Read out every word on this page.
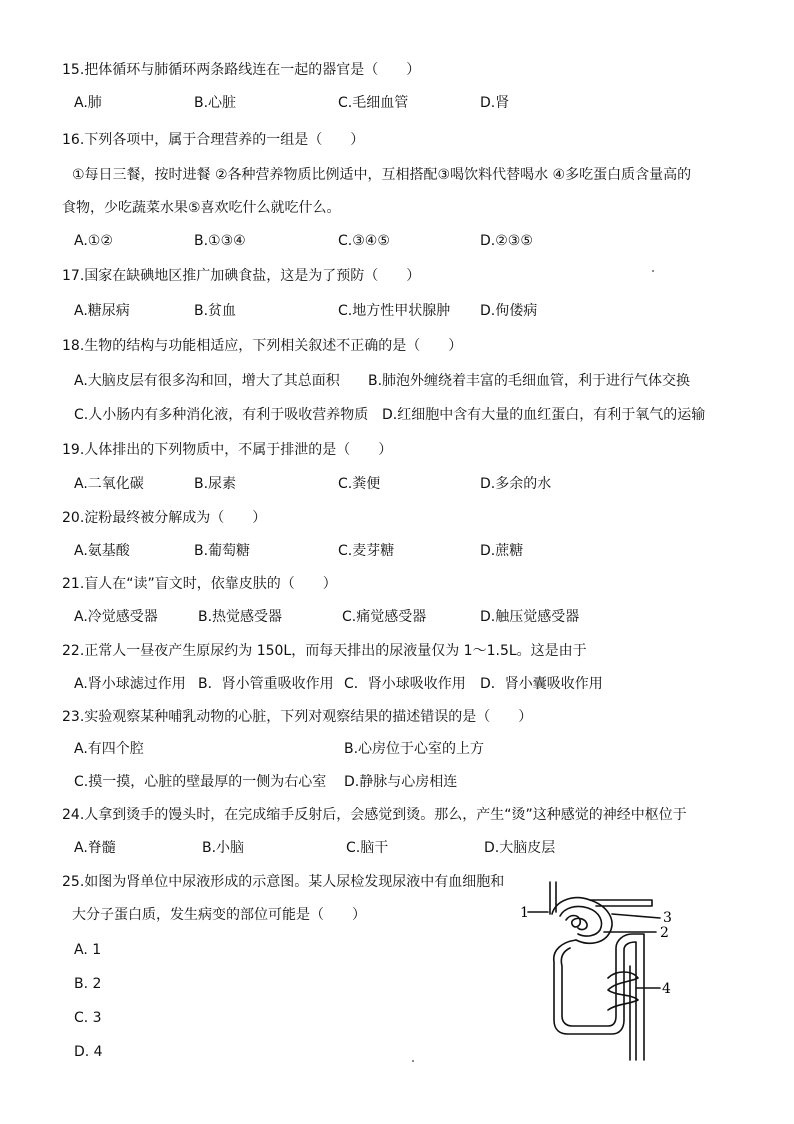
15.把体循环与肺循环两条路线连在一起的器官是（　　）
A.肺	B.心脏	C.毛细血管	D.肾
16.下列各项中，属于合理营养的一组是（　　）
①每日三餐，按时进餐 ②各种营养物质比例适中，互相搭配③喝饮料代替喝水 ④多吃蛋白质含量高的
食物，少吃蔬菜水果⑤喜欢吃什么就吃什么。
A.①②	B.①③④	C.③④⑤	D.②③⑤
17.国家在缺碘地区推广加碘食盐，这是为了预防（　　）
A.糖尿病	B.贫血	C.地方性甲状腺肿 D.佝偻病
18.生物的结构与功能相适应，下列相关叙述不正确的是（　　）
A.大脑皮层有很多沟和回，增大了其总面积 B.肺泡外缠绕着丰富的毛细血管，利于进行气体交换
C.人小肠内有多种消化液，有利于吸收营养物质 D.红细胞中含有大量的血红蛋白，有利于氧气的运输
19.人体排出的下列物质中，不属于排泄的是（　　）
A.二氧化碳	B.尿素	C.粪便	D.多余的水
20.淀粉最终被分解成为（　　）
A.氨基酸	B.葡萄糖	C.麦芽糖	D.蔗糖
21.盲人在“读”盲文时，依靠皮肤的（　　）
A.冷觉感受器	B.热觉感受器	C.痛觉感受器	D.触压觉感受器
22.正常人一昼夜产生原尿约为 150L，而每天排出的尿液量仅为 1～1.5L。这是由于
A.肾小球滤过作用 B．肾小管重吸收作用 C．肾小球吸收作用 D．肾小囊吸收作用
23.实验观察某种哺乳动物的心脏，下列对观察结果的描述错误的是（　　）
A.有四个腔	B.心房位于心室的上方
C.摸一摸，心脏的壁最厚的一侧为右心室 D.静脉与心房相连
24.人拿到烫手的馒头时，在完成缩手反射后，会感觉到烫。那么，产生“烫”这种感觉的神经中枢位于
A.脊髓	B.小脑	C.脑干	D.大脑皮层
25.如图为肾单位中尿液形成的示意图。某人尿检发现尿液中有血细胞和
大分子蛋白质，发生病变的部位可能是（　　）
A. 1
B. 2
C. 3
D. 4
1
2
3
4
